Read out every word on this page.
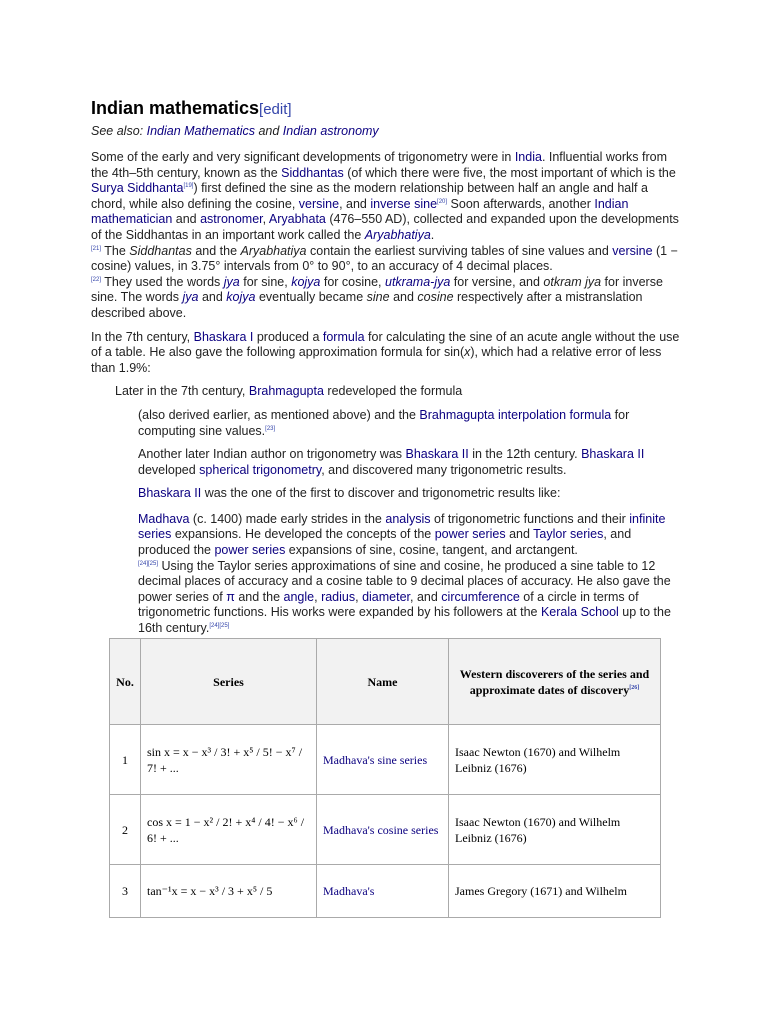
Indian mathematics[edit]
See also: Indian Mathematics and Indian astronomy

Some of the early and very significant developments of trigonometry were in India. Influential works from the 4th–5th century, known as the Siddhantas (of which there were five, the most important of which is the Surya Siddhanta[19]) first defined the sine as the modern relationship between half an angle and half a chord, while also defining the cosine, versine, and inverse sine[20] Soon afterwards, another Indian mathematician and astronomer, Aryabhata (476–550 AD), collected and expanded upon the developments of the Siddhantas in an important work called the Aryabhatiya.
[21] The Siddhantas and the Aryabhatiya contain the earliest surviving tables of sine values and versine (1 − cosine) values, in 3.75° intervals from 0° to 90°, to an accuracy of 4 decimal places.
[22] They used the words jya for sine, kojya for cosine, utkrama-jya for versine, and otkram jya for inverse sine. The words jya and kojya eventually became sine and cosine respectively after a mistranslation described above.

In the 7th century, Bhaskara I produced a formula for calculating the sine of an acute angle without the use of a table. He also gave the following approximation formula for sin(x), which had a relative error of less than 1.9%:

Later in the 7th century, Brahmagupta redeveloped the formula

(also derived earlier, as mentioned above) and the Brahmagupta interpolation formula for computing sine values.[23]

Another later Indian author on trigonometry was Bhaskara II in the 12th century. Bhaskara II developed spherical trigonometry, and discovered many trigonometric results.

Bhaskara II was the one of the first to discover and trigonometric results like:

Madhava (c. 1400) made early strides in the analysis of trigonometric functions and their infinite series expansions. He developed the concepts of the power series and Taylor series, and produced the power series expansions of sine, cosine, tangent, and arctangent.
[24][25] Using the Taylor series approximations of sine and cosine, he produced a sine table to 12 decimal places of accuracy and a cosine table to 9 decimal places of accuracy. He also gave the power series of π and the angle, radius, diameter, and circumference of a circle in terms of trigonometric functions. His works were expanded by his followers at the Kerala School up to the 16th century.[24][25]

No.	Series	Name	Western discoverers of the series and approximate dates of discovery[26]
1	sin x = x − x³ / 3! + x⁵ / 5! − x⁷ / 7! + ...	Madhava's sine series	Isaac Newton (1670) and Wilhelm Leibniz (1676)
2	cos x = 1 − x² / 2! + x⁴ / 4! − x⁶ / 6! + ...	Madhava's cosine series	Isaac Newton (1670) and Wilhelm Leibniz (1676)
3	tan⁻¹x = x − x³ / 3 + x⁵ / 5	Madhava's	James Gregory (1671) and Wilhelm
